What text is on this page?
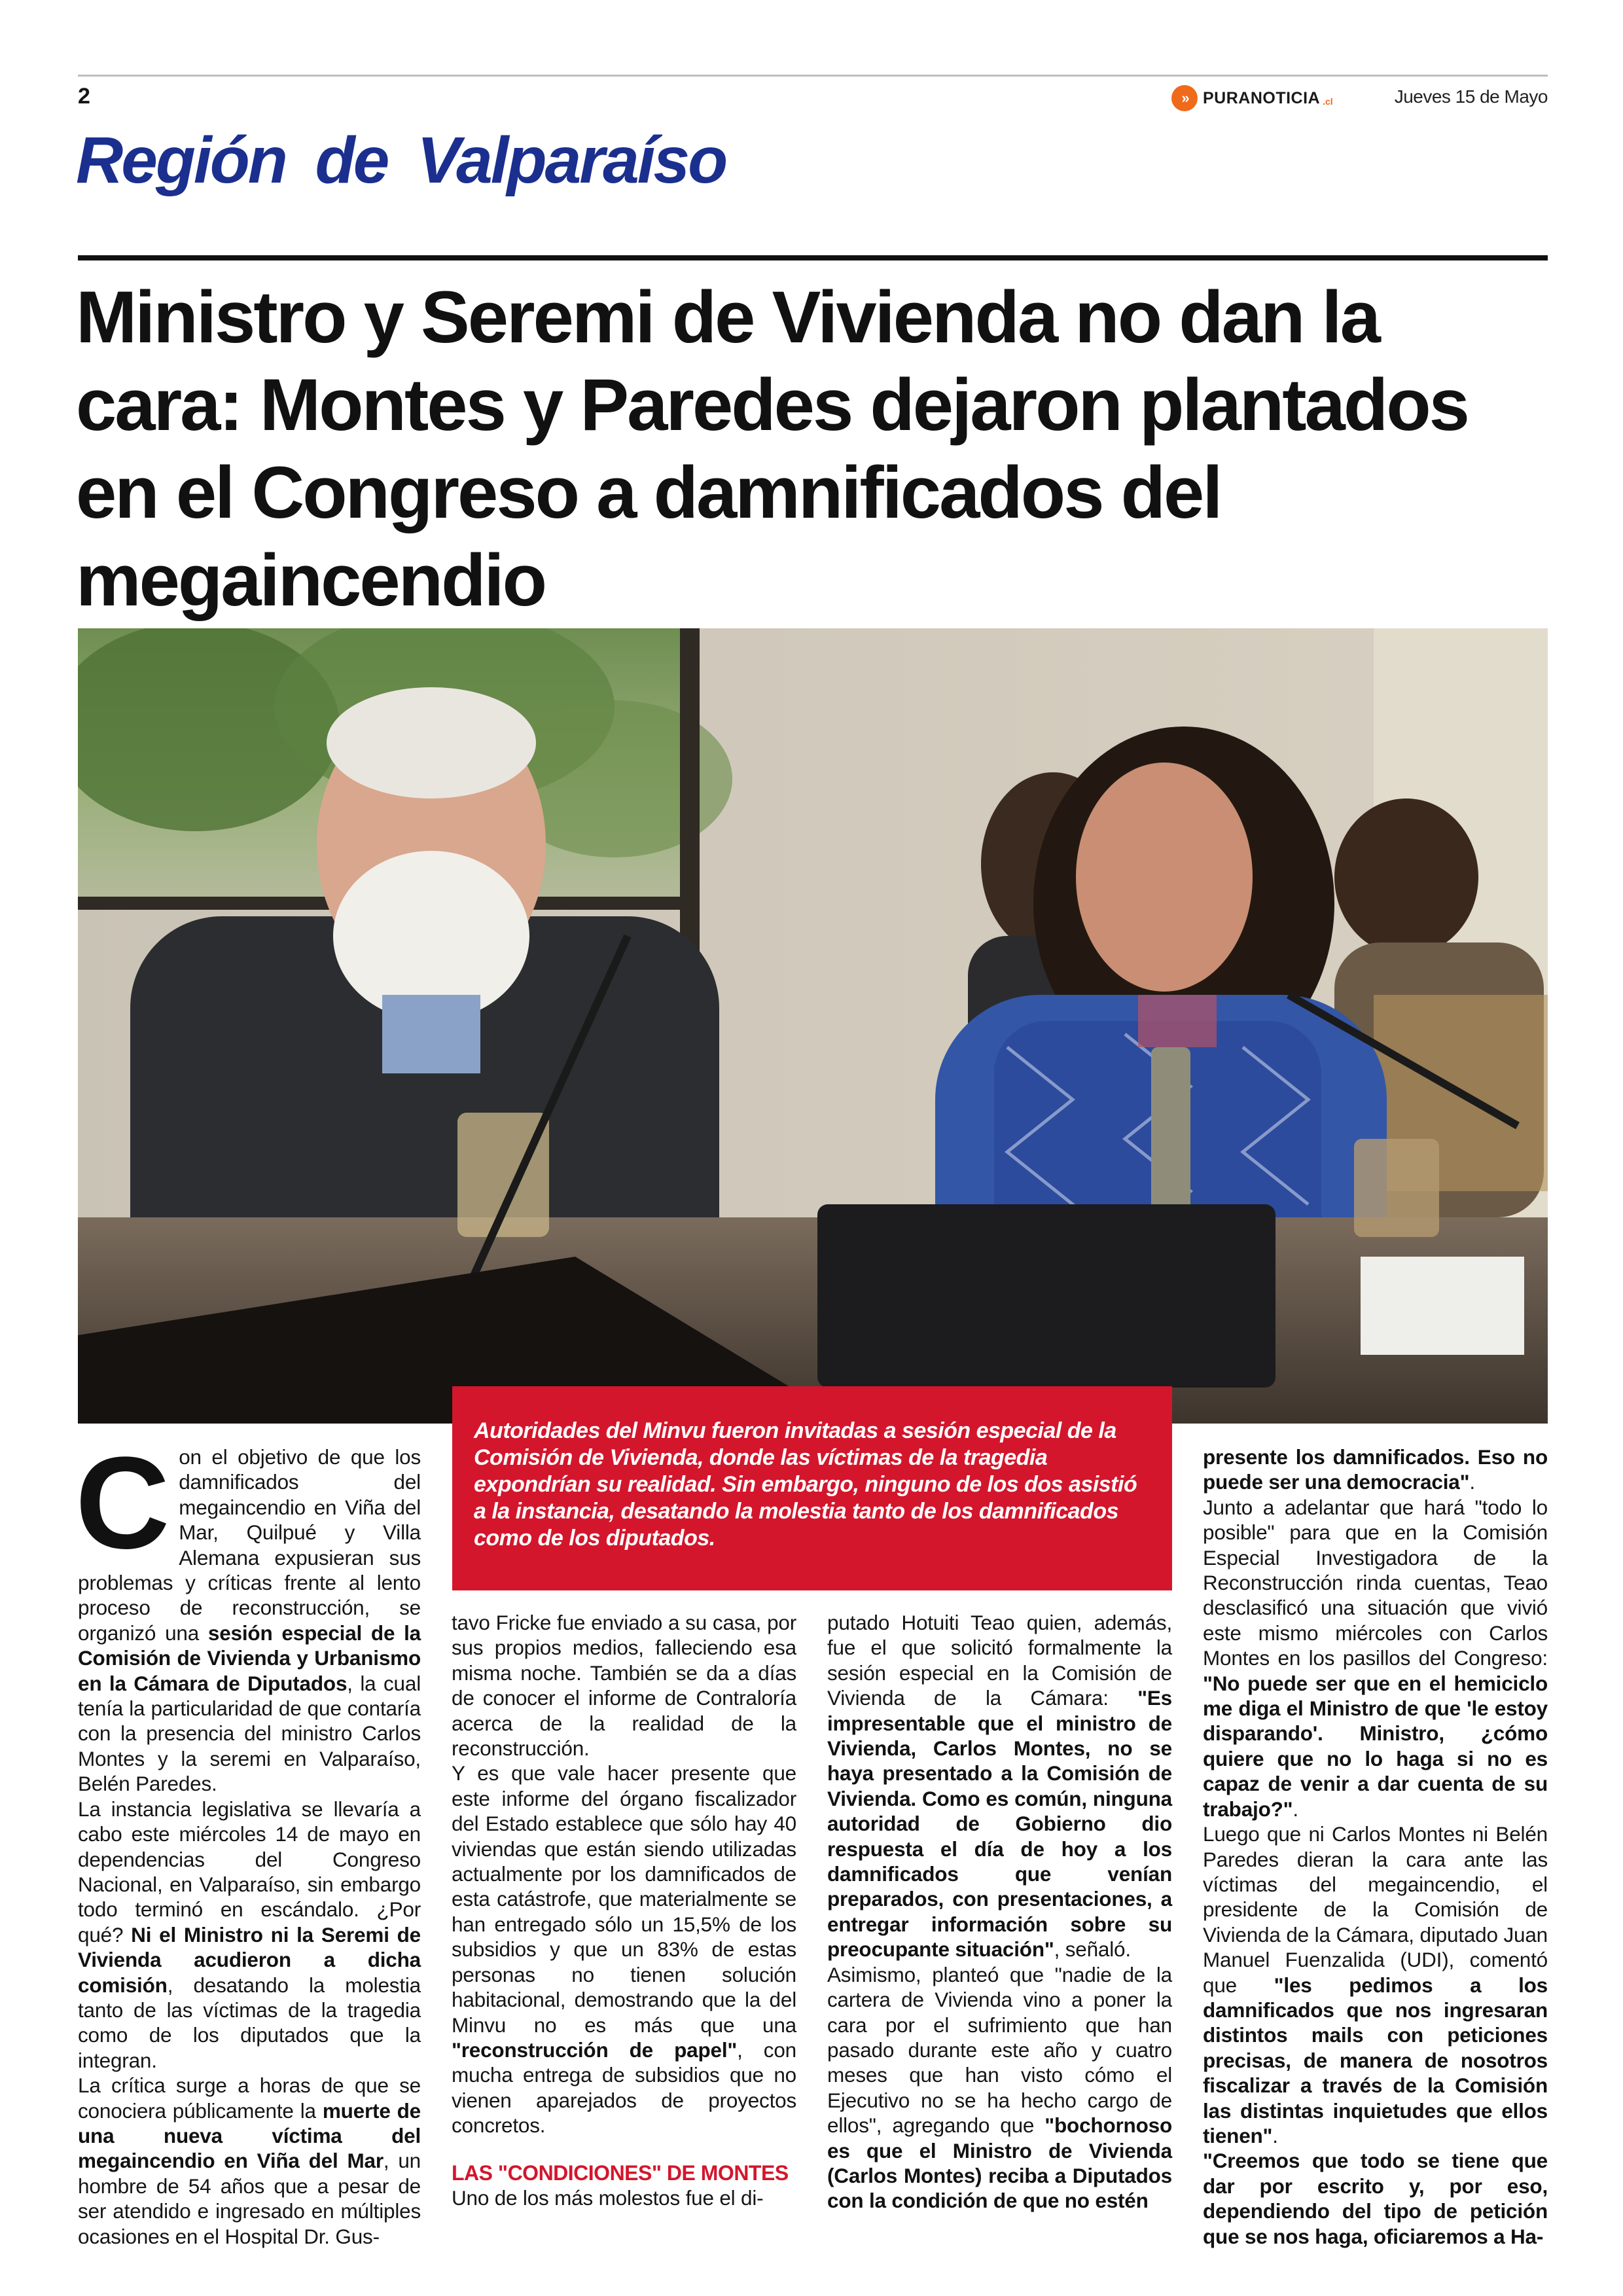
2	» PURANOTICIA .cl	Jueves 15 de Mayo
Región de Valparaíso
Ministro y Seremi de Vivienda no dan la cara: Montes y Paredes dejaron plantados en el Congreso a damnificados del megaincendio
Autoridades del Minvu fueron invitadas a sesión especial de la Comisión de Vivienda, donde las víctimas de la tragedia expondrían su realidad. Sin embargo, ninguno de los dos asistió a la instancia, desatando la molestia tanto de los damnificados como de los diputados.

Con el objetivo de que los damnificados del megaincendio en Viña del Mar, Quilpué y Villa Alemana expusieran sus problemas y críticas frente al lento proceso de reconstrucción, se organizó una sesión especial de la Comisión de Vivienda y Urbanismo en la Cámara de Diputados, la cual tenía la particularidad de que contaría con la presencia del ministro Carlos Montes y la seremi en Valparaíso, Belén Paredes.

La instancia legislativa se llevaría a cabo este miércoles 14 de mayo en dependencias del Congreso Nacional, en Valparaíso, sin embargo todo terminó en escándalo. ¿Por qué? Ni el Ministro ni la Seremi de Vivienda acudieron a dicha comisión, desatando la molestia tanto de las víctimas de la tragedia como de los diputados que la integran.

La crítica surge a horas de que se conociera públicamente la muerte de una nueva víctima del megaincendio en Viña del Mar, un hombre de 54 años que a pesar de ser atendido e ingresado en múltiples ocasiones en el Hospital Dr. Gus-

tavo Fricke fue enviado a su casa, por sus propios medios, falleciendo esa misma noche. También se da a días de conocer el informe de Contraloría acerca de la realidad de la reconstrucción.

Y es que vale hacer presente que este informe del órgano fiscalizador del Estado establece que sólo hay 40 viviendas que están siendo utilizadas actualmente por los damnificados de esta catástrofe, que materialmente se han entregado sólo un 15,5% de los subsidios y que un 83% de estas personas no tienen solución habitacional, demostrando que la del Minvu no es más que una "reconstrucción de papel", con mucha entrega de subsidios que no vienen aparejados de proyectos concretos.

LAS "CONDICIONES" DE MONTES

Uno de los más molestos fue el di-

putado Hotuiti Teao quien, además, fue el que solicitó formalmente la sesión especial en la Comisión de Vivienda de la Cámara: "Es impresentable que el ministro de Vivienda, Carlos Montes, no se haya presentado a la Comisión de Vivienda. Como es común, ninguna autoridad de Gobierno dio respuesta el día de hoy a los damnificados que venían preparados, con presentaciones, a entregar información sobre su preocupante situación", señaló.

Asimismo, planteó que "nadie de la cartera de Vivienda vino a poner la cara por el sufrimiento que han pasado durante este año y cuatro meses que han visto cómo el Ejecutivo no se ha hecho cargo de ellos", agregando que "bochornoso es que el Ministro de Vivienda (Carlos Montes) reciba a Diputados con la condición de que no estén

presente los damnificados. Eso no puede ser una democracia".

Junto a adelantar que hará "todo lo posible" para que en la Comisión Especial Investigadora de la Reconstrucción rinda cuentas, Teao desclasificó una situación que vivió este mismo miércoles con Carlos Montes en los pasillos del Congreso: "No puede ser que en el hemiciclo me diga el Ministro de que 'le estoy disparando'. Ministro, ¿cómo quiere que no lo haga si no es capaz de venir a dar cuenta de su trabajo?".

Luego que ni Carlos Montes ni Belén Paredes dieran la cara ante las víctimas del megaincendio, el presidente de la Comisión de Vivienda de la Cámara, diputado Juan Manuel Fuenzalida (UDI), comentó que "les pedimos a los damnificados que nos ingresaran distintos mails con peticiones precisas, de manera de nosotros fiscalizar a través de la Comisión las distintas inquietudes que ellos tienen".

"Creemos que todo se tiene que dar por escrito y, por eso, dependiendo del tipo de petición que se nos haga, oficiaremos a Ha-
